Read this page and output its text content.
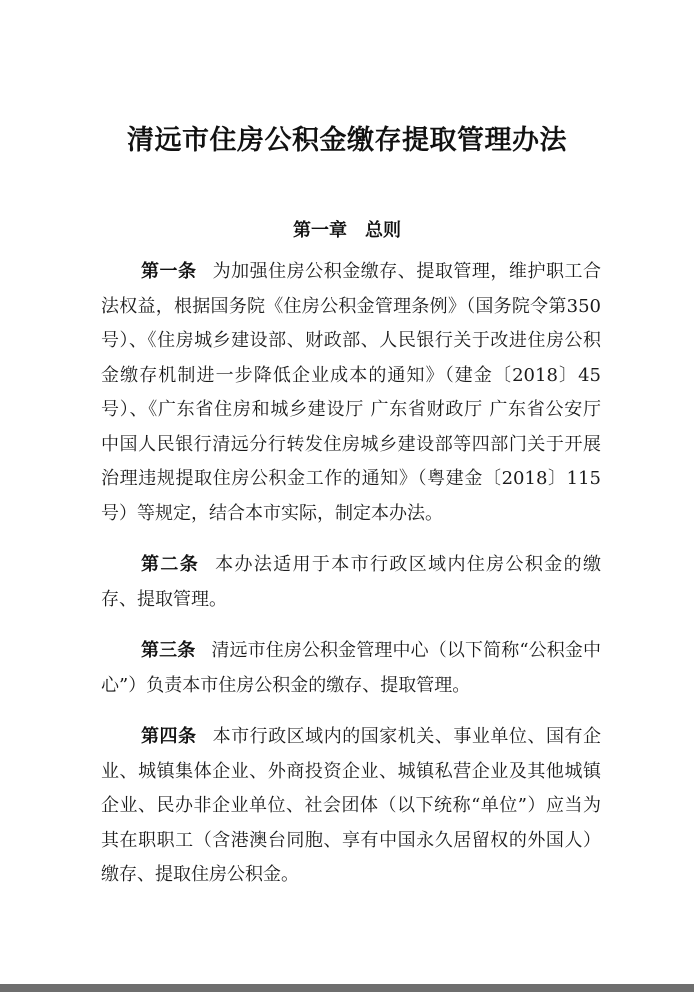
清远市住房公积金缴存提取管理办法
第一章　总则

第一条 为加强住房公积金缴存、提取管理，维护职工合法权益，根据国务院《住房公积金管理条例》（国务院令第350号）、《住房城乡建设部、财政部、人民银行关于改进住房公积金缴存机制进一步降低企业成本的通知》（建金〔2018〕45号）、《广东省住房和城乡建设厅 广东省财政厅 广东省公安厅 中国人民银行清远分行转发住房城乡建设部等四部门关于开展治理违规提取住房公积金工作的通知》（粤建金〔2018〕115号）等规定，结合本市实际，制定本办法。

第二条 本办法适用于本市行政区域内住房公积金的缴存、提取管理。

第三条 清远市住房公积金管理中心（以下简称“公积金中心”）负责本市住房公积金的缴存、提取管理。

第四条 本市行政区域内的国家机关、事业单位、国有企业、城镇集体企业、外商投资企业、城镇私营企业及其他城镇企业、民办非企业单位、社会团体（以下统称“单位”）应当为其在职职工（含港澳台同胞、享有中国永久居留权的外国人）缴存、提取住房公积金。
